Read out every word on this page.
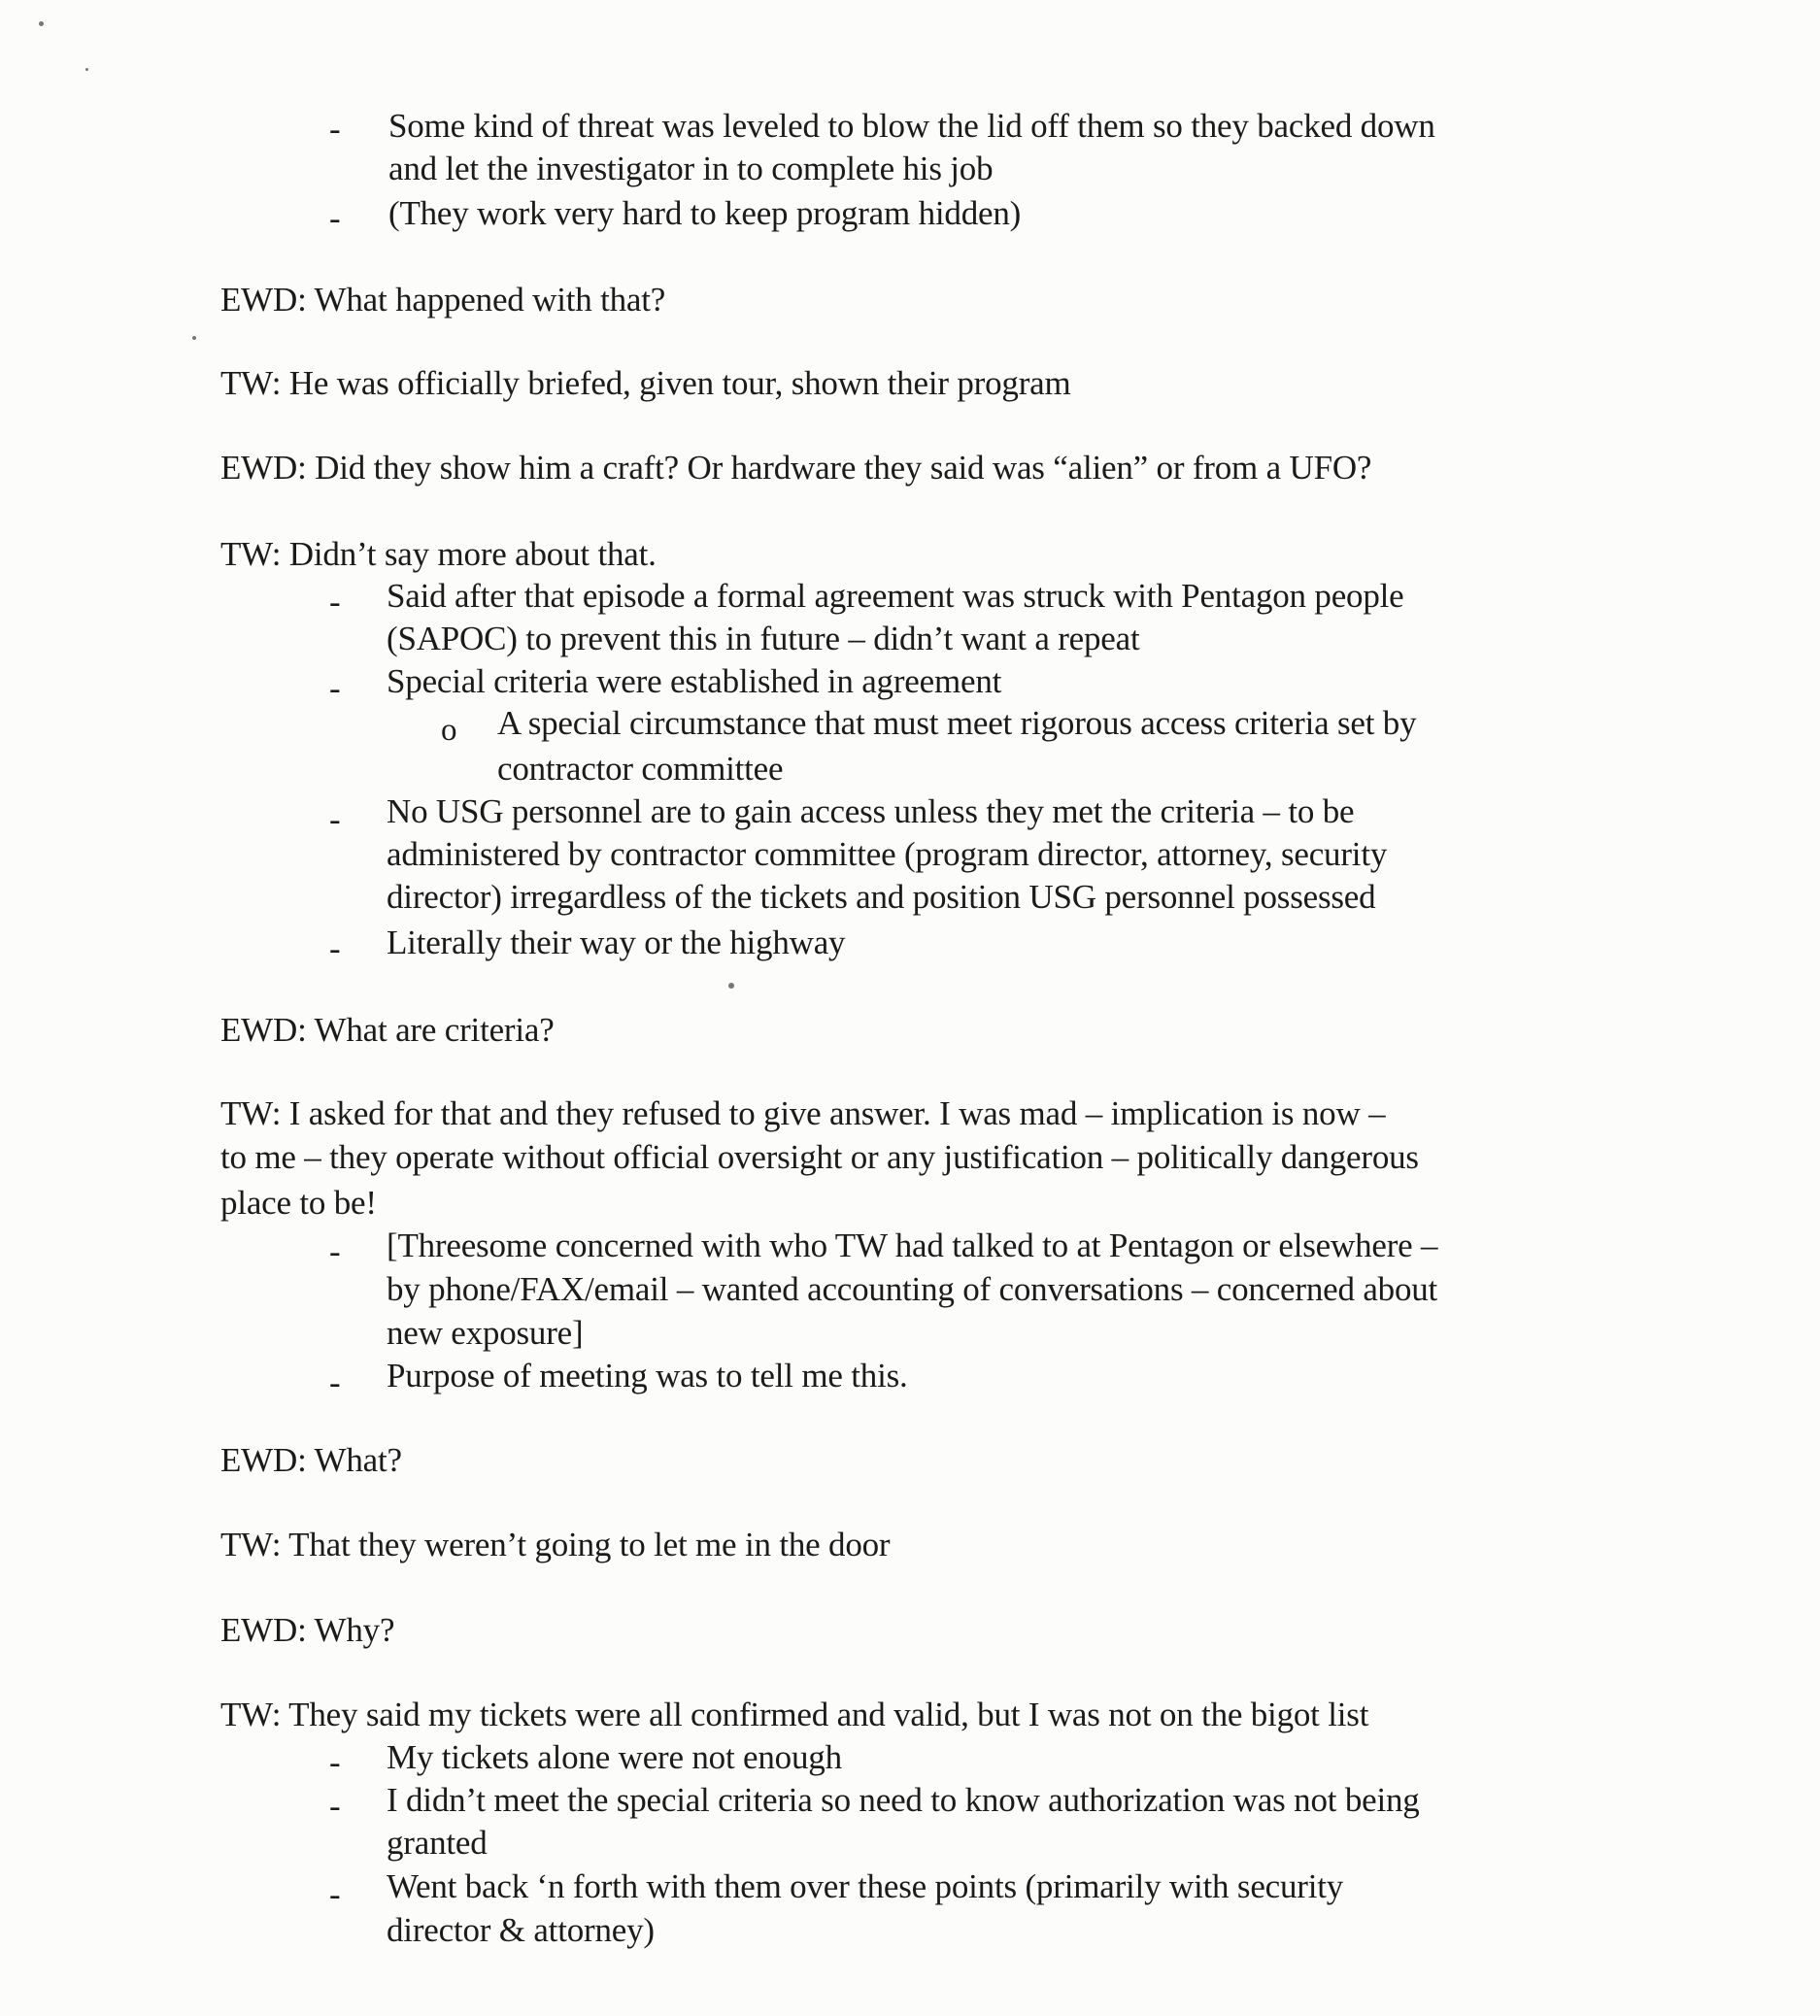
- Some kind of threat was leveled to blow the lid off them so they backed down
and let the investigator in to complete his job
- (They work very hard to keep program hidden)
EWD: What happened with that?
TW: He was officially briefed, given tour, shown their program
EWD: Did they show him a craft? Or hardware they said was “alien” or from a UFO?
TW: Didn’t say more about that.
- Said after that episode a formal agreement was struck with Pentagon people
(SAPOC) to prevent this in future – didn’t want a repeat
- Special criteria were established in agreement
o A special circumstance that must meet rigorous access criteria set by
contractor committee
- No USG personnel are to gain access unless they met the criteria – to be
administered by contractor committee (program director, attorney, security
director) irregardless of the tickets and position USG personnel possessed
- Literally their way or the highway
EWD: What are criteria?
TW: I asked for that and they refused to give answer. I was mad – implication is now –
to me – they operate without official oversight or any justification – politically dangerous
place to be!
- [Threesome concerned with who TW had talked to at Pentagon or elsewhere –
by phone/FAX/email – wanted accounting of conversations – concerned about
new exposure]
- Purpose of meeting was to tell me this.
EWD: What?
TW: That they weren’t going to let me in the door
EWD: Why?
TW: They said my tickets were all confirmed and valid, but I was not on the bigot list
- My tickets alone were not enough
- I didn’t meet the special criteria so need to know authorization was not being
granted
- Went back ‘n forth with them over these points (primarily with security
director & attorney)
